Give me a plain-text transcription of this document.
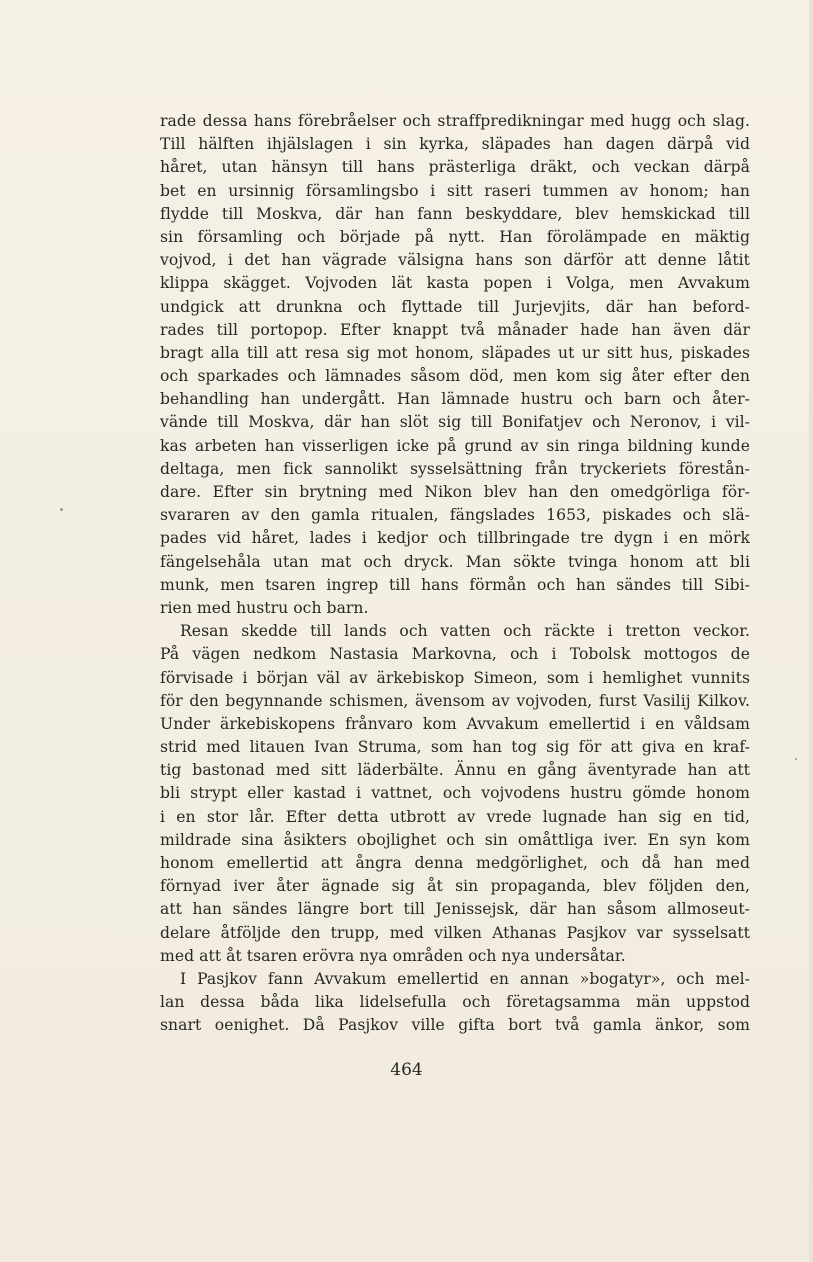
rade dessa hans förebråelser och straffpredikningar med hugg och slag.
Till hälften ihjälslagen i sin kyrka, släpades han dagen därpå vid
håret, utan hänsyn till hans prästerliga dräkt, och veckan därpå
bet en ursinnig församlingsbo i sitt raseri tummen av honom; han
flydde till Moskva, där han fann beskyddare, blev hemskickad till
sin församling och började på nytt. Han förolämpade en mäktig
vojvod, i det han vägrade välsigna hans son därför att denne låtit
klippa skägget. Vojvoden lät kasta popen i Volga, men Avvakum
undgick att drunkna och flyttade till Jurjevjits, där han beford-
rades till portopop. Efter knappt två månader hade han även där
bragt alla till att resa sig mot honom, släpades ut ur sitt hus, piskades
och sparkades och lämnades såsom död, men kom sig åter efter den
behandling han undergått. Han lämnade hustru och barn och åter-
vände till Moskva, där han slöt sig till Bonifatjev och Neronov, i vil-
kas arbeten han visserligen icke på grund av sin ringa bildning kunde
deltaga, men fick sannolikt sysselsättning från tryckeriets förestån-
dare. Efter sin brytning med Nikon blev han den omedgörliga för-
svararen av den gamla ritualen, fängslades 1653, piskades och slä-
pades vid håret, lades i kedjor och tillbringade tre dygn i en mörk
fängelsehåla utan mat och dryck. Man sökte tvinga honom att bli
munk, men tsaren ingrep till hans förmån och han sändes till Sibi-
rien med hustru och barn.
Resan skedde till lands och vatten och räckte i tretton veckor.
På vägen nedkom Nastasia Markovna, och i Tobolsk mottogos de
förvisade i början väl av ärkebiskop Simeon, som i hemlighet vunnits
för den begynnande schismen, ävensom av vojvoden, furst Vasilij Kilkov.
Under ärkebiskopens frånvaro kom Avvakum emellertid i en våldsam
strid med litauen Ivan Struma, som han tog sig för att giva en kraf-
tig bastonad med sitt läderbälte. Ännu en gång äventyrade han att
bli strypt eller kastad i vattnet, och vojvodens hustru gömde honom
i en stor lår. Efter detta utbrott av vrede lugnade han sig en tid,
mildrade sina åsikters obojlighet och sin omåttliga iver. En syn kom
honom emellertid att ångra denna medgörlighet, och då han med
förnyad iver åter ägnade sig åt sin propaganda, blev följden den,
att han sändes längre bort till Jenissejsk, där han såsom allmoseut-
delare åtföljde den trupp, med vilken Athanas Pasjkov var sysselsatt
med att åt tsaren erövra nya områden och nya undersåtar.
I Pasjkov fann Avvakum emellertid en annan »bogatyr», och mel-
lan dessa båda lika lidelsefulla och företagsamma män uppstod
snart oenighet. Då Pasjkov ville gifta bort två gamla änkor, som
464
